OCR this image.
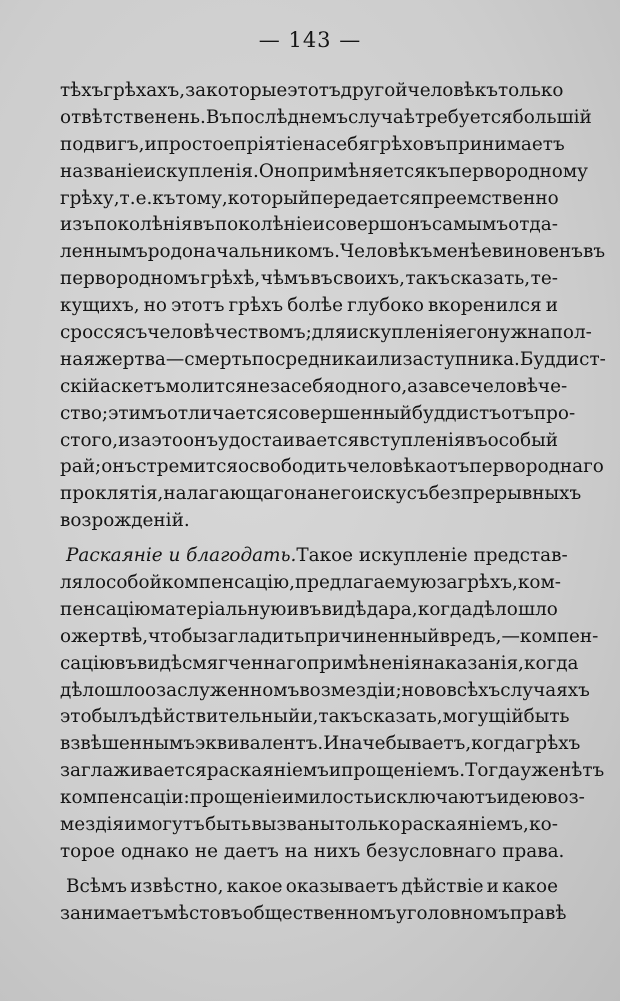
— 143 —
тѣхъ грѣхахъ, за которые этотъ другой человѣкъ только
отвѣтственень. Въ послѣднемъ случаѣ требуется большій
подвигъ, и простое пріятіе на себя грѣховъ принимаетъ
названіе искупленія. Оно примѣняется къ первородному
грѣху, т. е. къ тому, который передается преемственно
изъ поколѣнія въ поколѣніе и совершонъ самымъ отда-
леннымъ родоначальникомъ. Человѣкъ менѣе виновенъ въ
первородномъ грѣхѣ, чѣмъ въ своихъ, такъ сказать, те-
кущихъ, но этотъ грѣхъ болѣе глубоко вкоренился и
сросся съ человѣчествомъ; для искупленія его нужна пол-
ная жертва—смерть посредника или заступника. Буддист-
скій аскетъ молится не за себя одного, а за все человѣче-
ство; этимъ отличается совершенный буддистъ отъ про-
стого, и за это онъ удостаивается вступленія въ особый
рай; онъ стремится освободить человѣка отъ первороднаго
проклятія, налагающаго на него искусъ безпрерывныхъ
возрожденій.
Раскаяніе и благодать. Такое искупленіе представ-
ляло собой компенсацію, предлагаемую за грѣхъ, ком-
пенсацію матеріальную и въ видѣ дара, когда дѣло шло
о жертвѣ, чтобы загладить причиненный вредъ,—компен-
сацію въ видѣ смягченнаго примѣненія наказанія, когда
дѣло шло о заслуженномъ возмездіи; но во всѣхъ случаяхъ
это былъ дѣйствительный и, такъ сказать, могущій быть
взвѣшеннымъ эквивалентъ. Иначе бываетъ, когда грѣхъ
заглаживается раскаяніемъ и прощеніемъ. Тогда уже нѣтъ
компенсаціи: прощеніе и милость исключаютъ идею воз-
мездія и могутъ быть вызваны только раскаяніемъ, ко-
торое однако не даетъ на нихъ безусловнаго права.
Всѣмъ извѣстно, какое оказываетъ дѣйствіе и какое
занимаетъ мѣсто въ общественномъ уголовномъ правѣ
